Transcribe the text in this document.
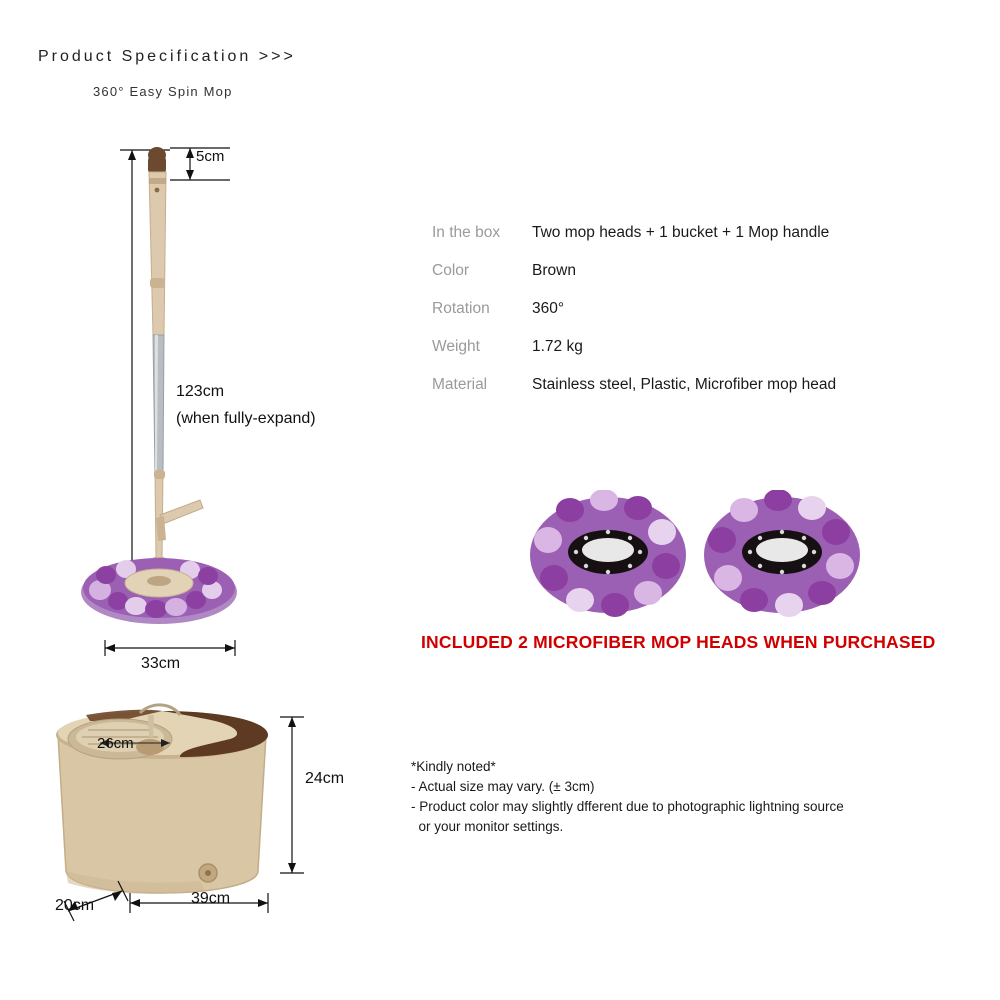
Product Specification >>>
360° Easy Spin Mop
5cm
123cm
(when fully-expand)
33cm
In the box	Two mop heads + 1 bucket + 1 Mop handle
Color	Brown
Rotation	360°
Weight	1.72 kg
Material	Stainless steel, Plastic, Microfiber mop head
INCLUDED 2 MICROFIBER MOP HEADS WHEN PURCHASED
26cm
24cm
39cm
20cm
*Kindly noted*
- Actual size may vary. (± 3cm)
- Product color may slightly dfferent due to photographic lightning source
or your monitor settings.
